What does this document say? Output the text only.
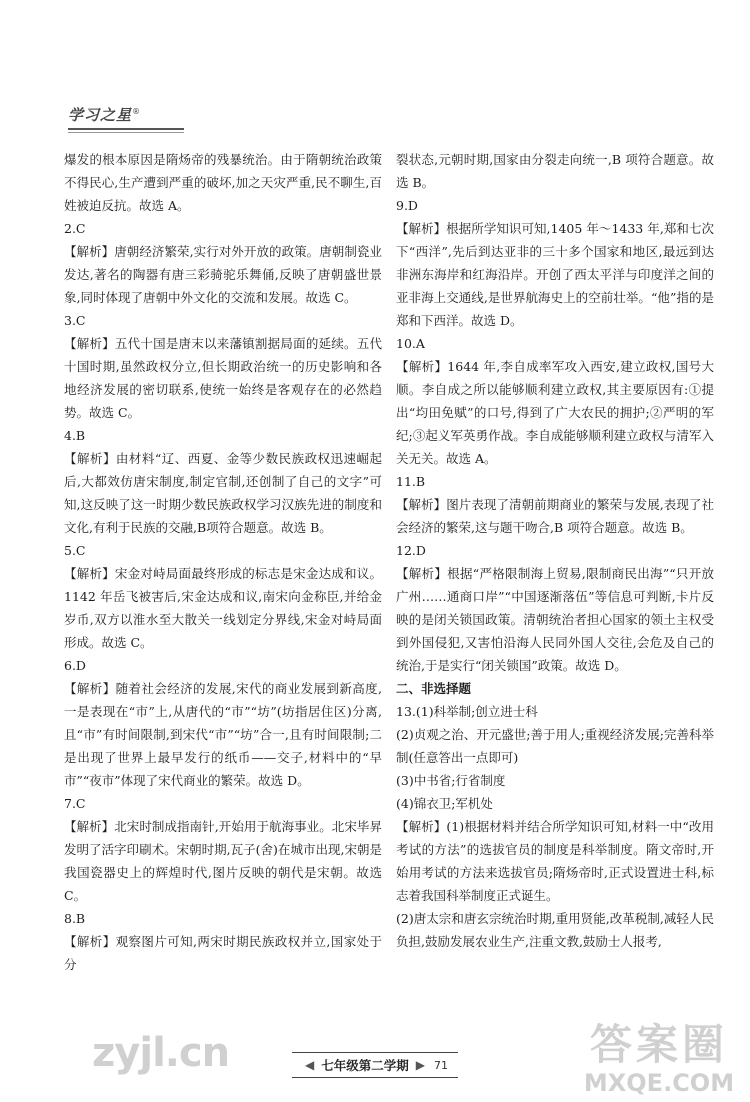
学习之星®
爆发的根本原因是隋炀帝的残暴统治。由于隋朝统治政策不得民心,生产遭到严重的破坏,加之天灾严重,民不聊生,百姓被迫反抗。故选 A。
2.C
【解析】唐朝经济繁荣,实行对外开放的政策。唐朝制瓷业发达,著名的陶器有唐三彩骑驼乐舞俑,反映了唐朝盛世景象,同时体现了唐朝中外文化的交流和发展。故选 C。
3.C
【解析】五代十国是唐末以来藩镇割据局面的延续。五代十国时期,虽然政权分立,但长期政治统一的历史影响和各地经济发展的密切联系,使统一始终是客观存在的必然趋势。故选 C。
4.B
【解析】由材料“辽、西夏、金等少数民族政权迅速崛起后,大都效仿唐宋制度,制定官制,还创制了自己的文字”可知,这反映了这一时期少数民族政权学习汉族先进的制度和文化,有利于民族的交融,B项符合题意。故选 B。
5.C
【解析】宋金对峙局面最终形成的标志是宋金达成和议。1142 年岳飞被害后,宋金达成和议,南宋向金称臣,并给金岁币,双方以淮水至大散关一线划定分界线,宋金对峙局面形成。故选 C。
6.D
【解析】随着社会经济的发展,宋代的商业发展到新高度,一是表现在“市”上,从唐代的“市”“坊”(坊指居住区)分离,且“市”有时间限制,到宋代“市”“坊”合一,且有时间限制;二是出现了世界上最早发行的纸币——交子,材料中的“早市”“夜市”体现了宋代商业的繁荣。故选 D。
7.C
【解析】北宋时制成指南针,开始用于航海事业。北宋毕昇发明了活字印刷术。宋朝时期,瓦子(舍)在城市出现,宋朝是我国瓷器史上的辉煌时代,图片反映的朝代是宋朝。故选 C。
8.B
【解析】观察图片可知,两宋时期民族政权并立,国家处于分
裂状态,元朝时期,国家由分裂走向统一,B 项符合题意。故选 B。
9.D
【解析】根据所学知识可知,1405 年～1433 年,郑和七次下“西洋”,先后到达亚非的三十多个国家和地区,最远到达非洲东海岸和红海沿岸。开创了西太平洋与印度洋之间的亚非海上交通线,是世界航海史上的空前壮举。“他”指的是郑和下西洋。故选 D。
10.A
【解析】1644 年,李自成率军攻入西安,建立政权,国号大顺。李自成之所以能够顺利建立政权,其主要原因有:①提出“均田免赋”的口号,得到了广大农民的拥护;②严明的军纪;③起义军英勇作战。李自成能够顺利建立政权与清军入关无关。故选 A。
11.B
【解析】图片表现了清朝前期商业的繁荣与发展,表现了社会经济的繁荣,这与题干吻合,B 项符合题意。故选 B。
12.D
【解析】根据“严格限制海上贸易,限制商民出海”“只开放广州……通商口岸”“中国逐渐落伍”等信息可判断,卡片反映的是闭关锁国政策。清朝统治者担心国家的领土主权受到外国侵犯,又害怕沿海人民同外国人交往,会危及自己的统治,于是实行“闭关锁国”政策。故选 D。
二、非选择题
13.(1)科举制;创立进士科
(2)贞观之治、开元盛世;善于用人;重视经济发展;完善科举制(任意答出一点即可)
(3)中书省;行省制度
(4)锦衣卫;军机处
【解析】(1)根据材料并结合所学知识可知,材料一中“改用考试的方法”的选拔官员的制度是科举制度。隋文帝时,开始用考试的方法来选拔官员;隋炀帝时,正式设置进士科,标志着我国科举制度正式诞生。
(2)唐太宗和唐玄宗统治时期,重用贤能,改革税制,减轻人民负担,鼓励发展农业生产,注重文教,鼓励士人报考,
zyjl.cn	答案圈
MXQE.COM
◀ 七年级第二学期 ▶ 71
